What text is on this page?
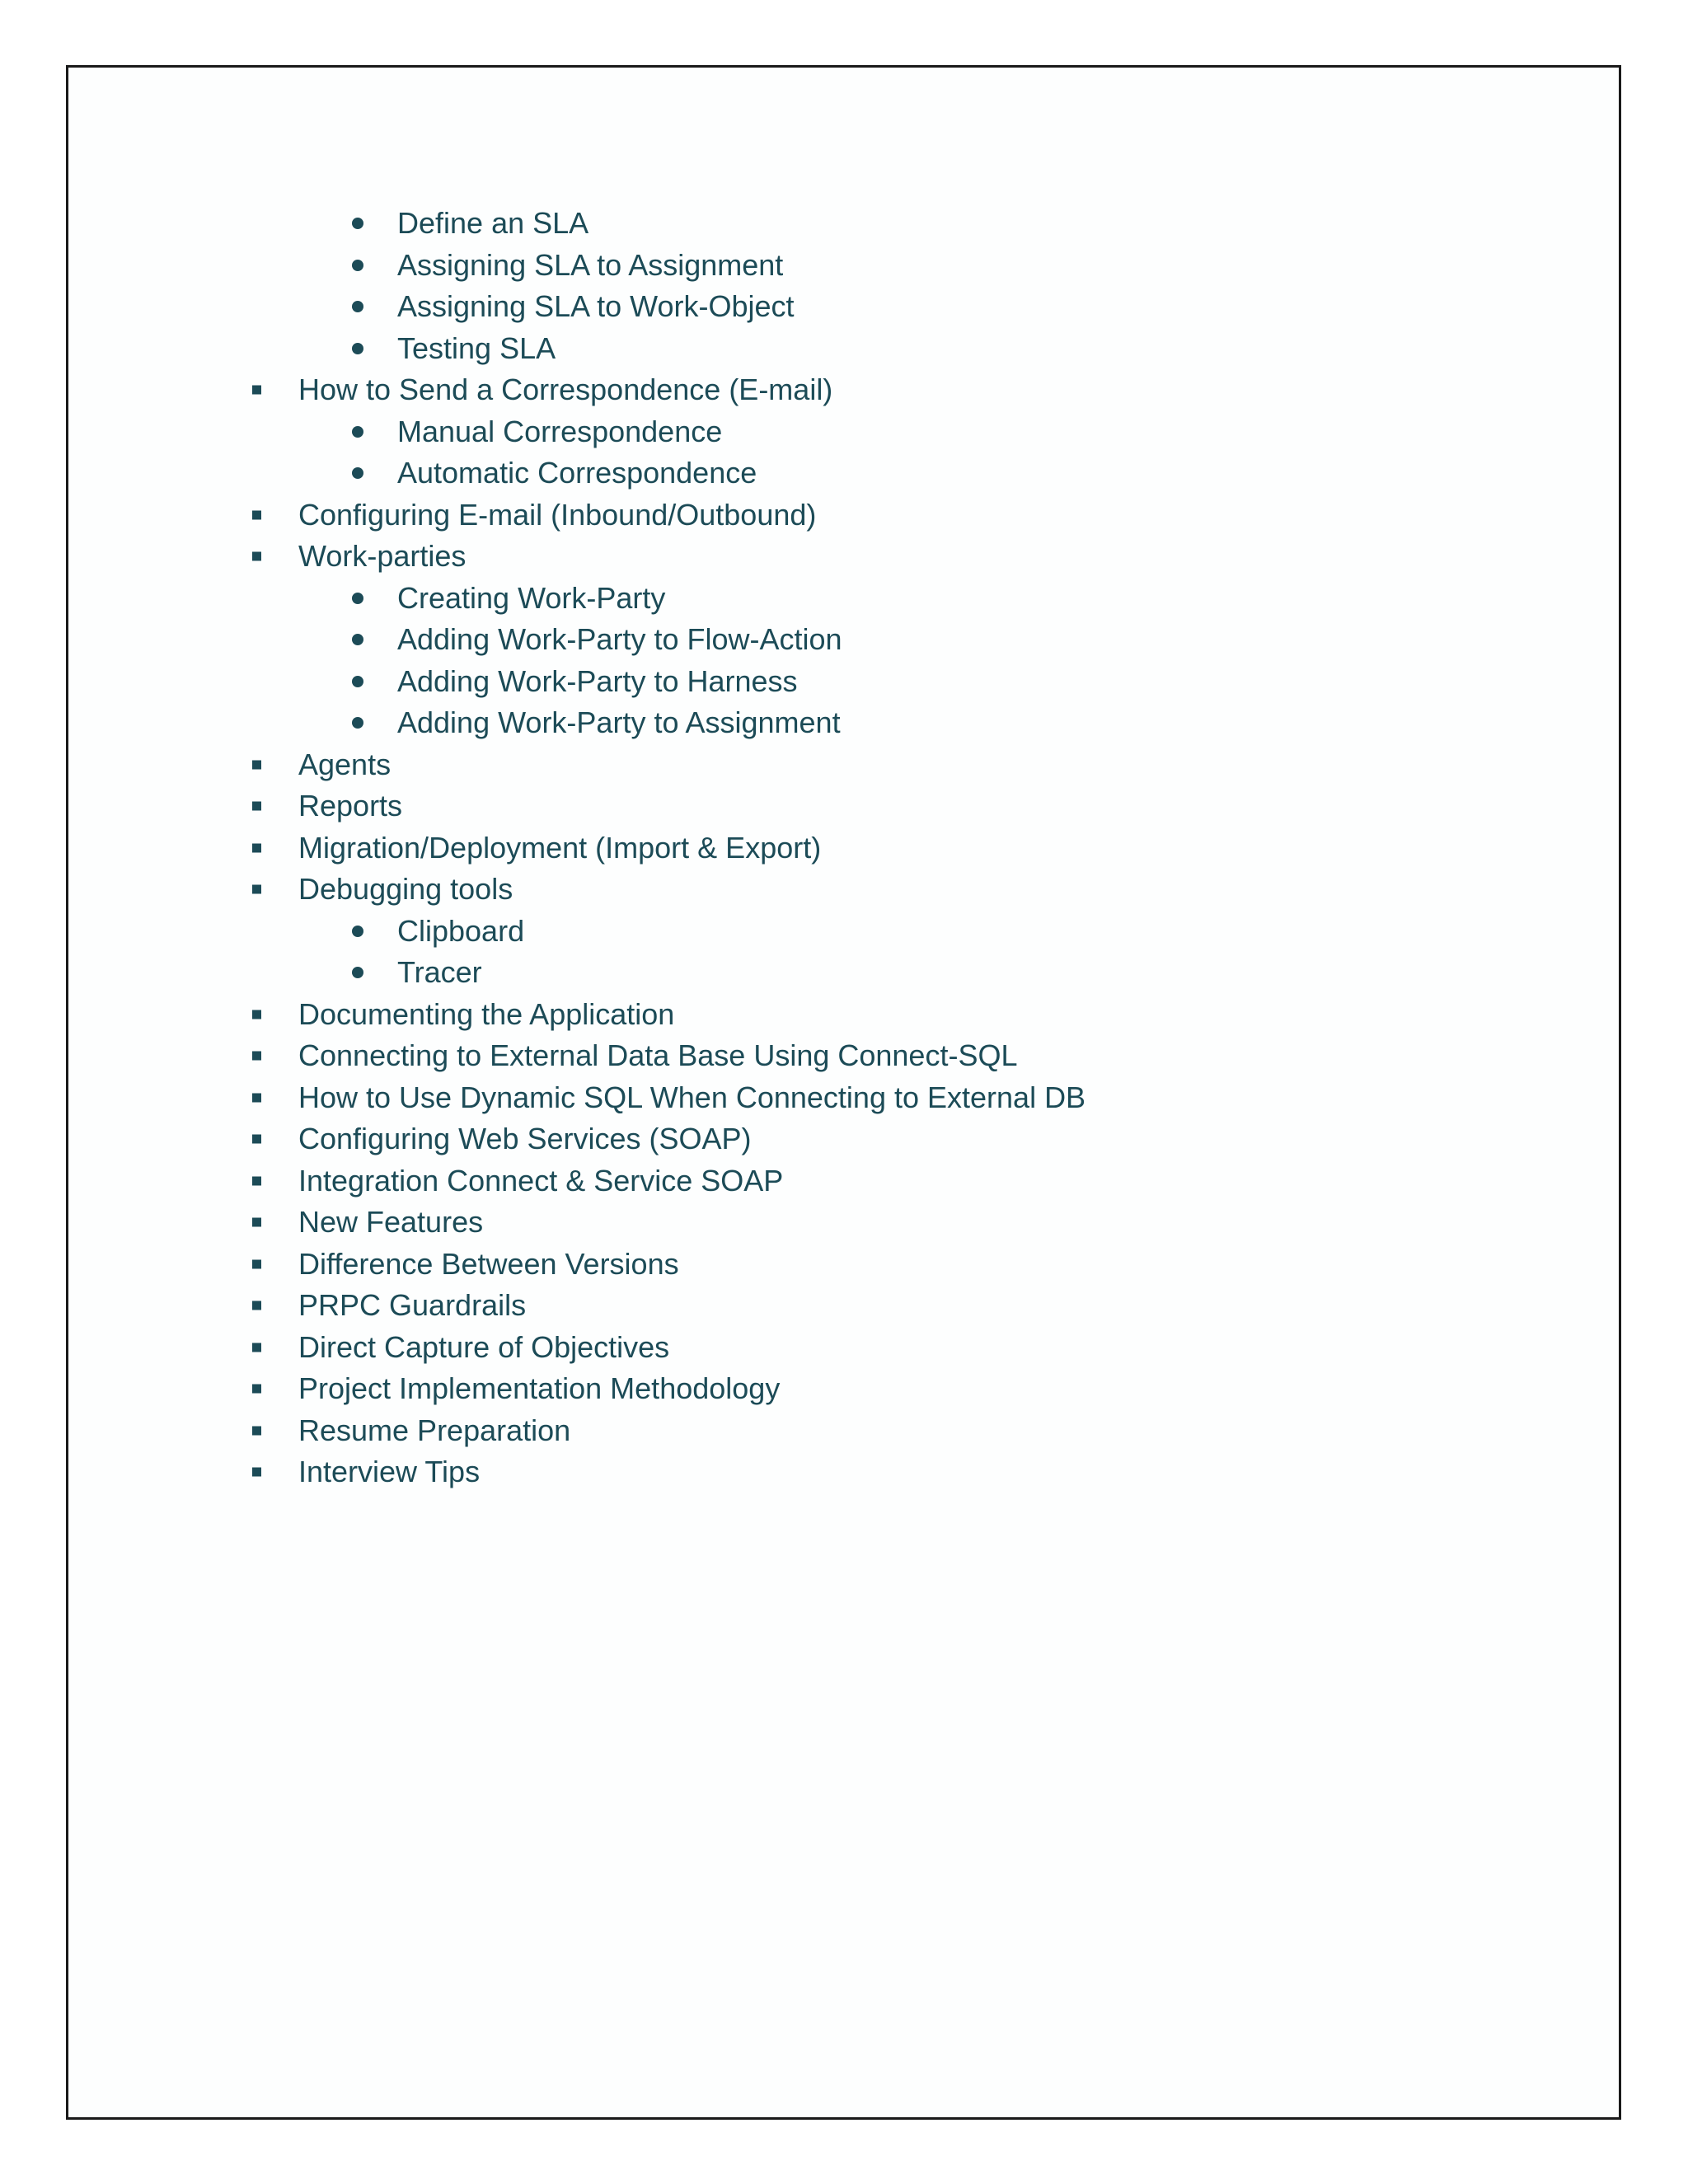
Define an SLA
Assigning SLA to Assignment
Assigning SLA to Work-Object
Testing SLA
How to Send a Correspondence (E-mail)
Manual Correspondence
Automatic Correspondence
Configuring E-mail (Inbound/Outbound)
Work-parties
Creating Work-Party
Adding Work-Party to Flow-Action
Adding Work-Party to Harness
Adding Work-Party to Assignment
Agents
Reports
Migration/Deployment (Import & Export)
Debugging tools
Clipboard
Tracer
Documenting the Application
Connecting to External Data Base Using Connect-SQL
How to Use Dynamic SQL When Connecting to External DB
Configuring Web Services (SOAP)
Integration Connect & Service SOAP
New Features
Difference Between Versions
PRPC Guardrails
Direct Capture of Objectives
Project Implementation Methodology
Resume Preparation
Interview Tips
